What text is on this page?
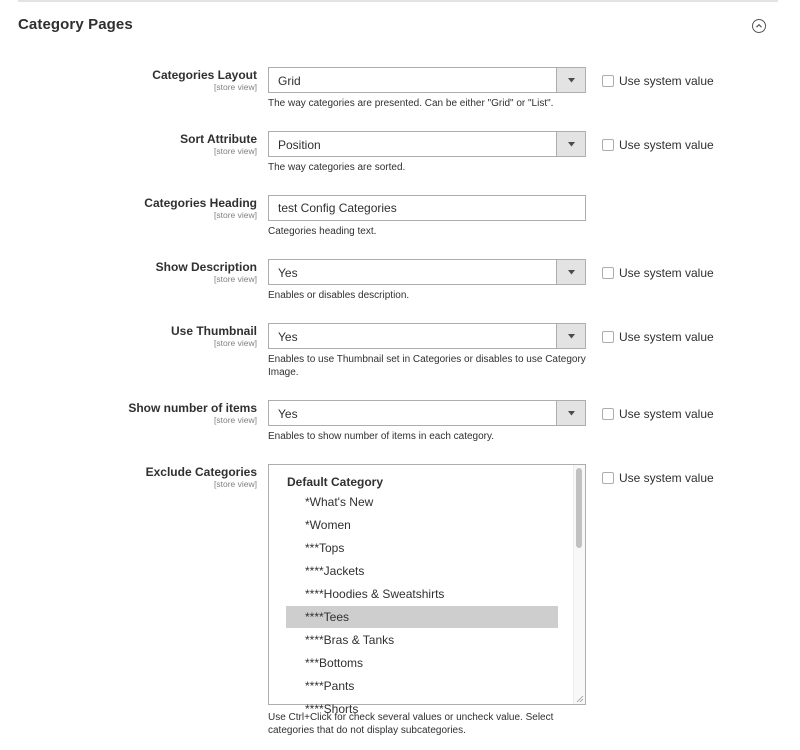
Category Pages
Categories Layout
[store view] Grid
The way categories are presented. Can be either "Grid" or "List".
Use system value
Sort Attribute
[store view] Position
The way categories are sorted.
Use system value
Categories Heading
[store view]
test Config Categories
Categories heading text.
Show Description
[store view] Yes
Enables or disables description.
Use system value
Use Thumbnail
[store view] Yes
Enables to use Thumbnail set in Categories or disables to use Category Image.
Use system value
Show number of items
[store view] Yes
Enables to show number of items in each category.
Use system value
Exclude Categories
[store view]	Default Category
*What's New
*Women
***Tops
****Jackets
****Hoodies & Sweatshirts
****Tees
****Bras & Tanks
***Bottoms
****Pants
****Shorts
Use Ctrl+Click for check several values or uncheck value. Select categories that do not display subcategories.
Use system value
